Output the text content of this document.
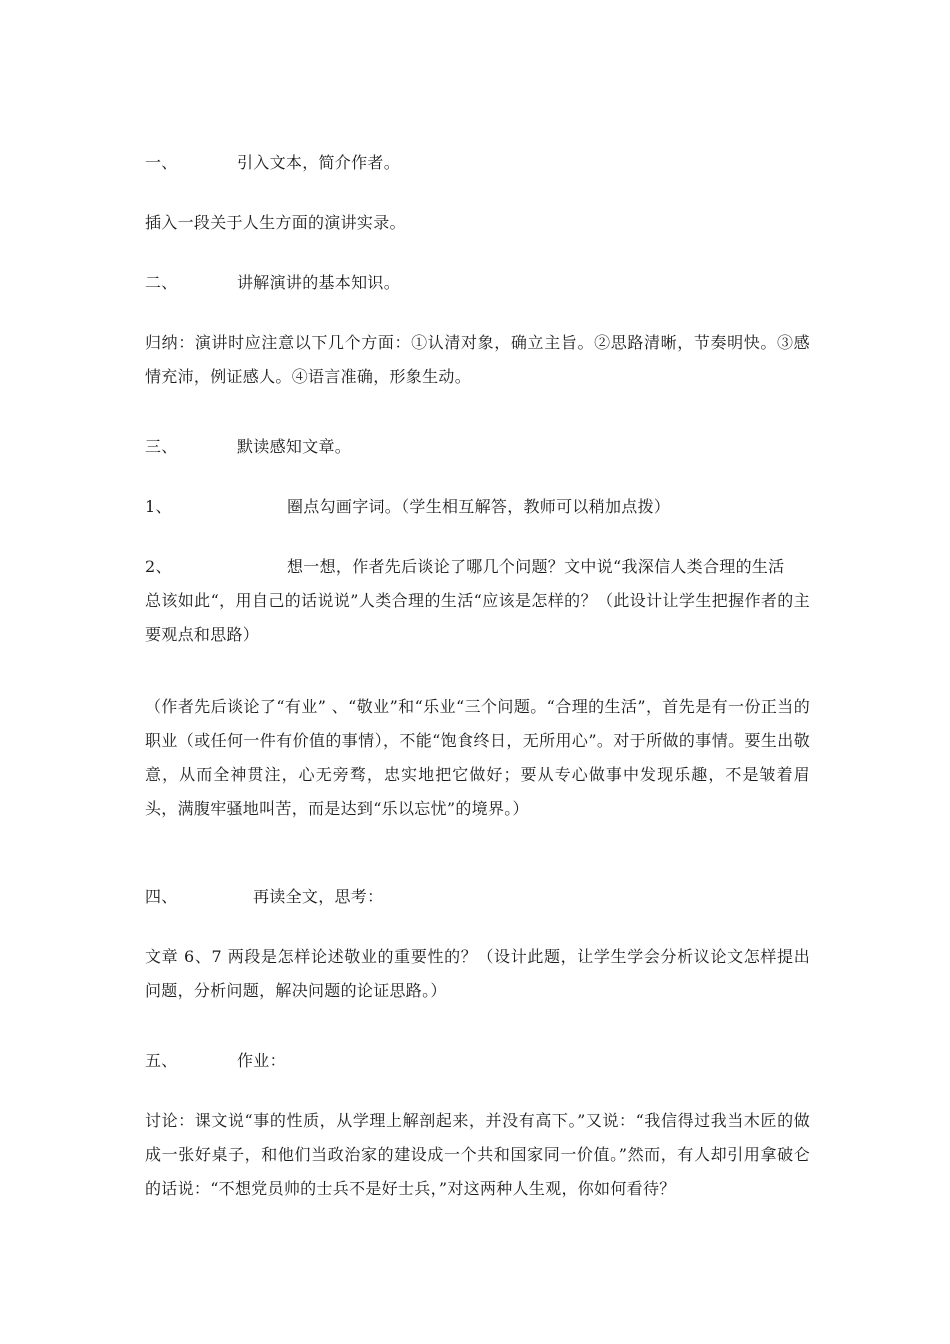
一、	引入文本，简介作者。
插入一段关于人生方面的演讲实录。
二、	讲解演讲的基本知识。
归纳：演讲时应注意以下几个方面：①认清对象，确立主旨。②思路清晰，节奏明快。③感情充沛，例证感人。④语言准确，形象生动。
三、	默读感知文章。
1、	圈点勾画字词。（学生相互解答，教师可以稍加点拨）
2、	想一想，作者先后谈论了哪几个问题？文中说“我深信人类合理的生活
总该如此“，用自己的话说说”人类合理的生活“应该是怎样的？（此设计让学生把握作者的主要观点和思路）
（作者先后谈论了“有业” 、“敬业”和“乐业“三个问题。“合理的生活”，首先是有一份正当的职业（或任何一件有价值的事情），不能“饱食终日，无所用心”。对于所做的事情。要生出敬意，从而全神贯注，心无旁骛，忠实地把它做好；要从专心做事中发现乐趣，不是皱着眉头，满腹牢骚地叫苦，而是达到“乐以忘忧”的境界。）
四、	再读全文，思考：
文章 6、7 两段是怎样论述敬业的重要性的？（设计此题，让学生学会分析议论文怎样提出问题，分析问题，解决问题的论证思路。）
五、	作业：
讨论：课文说“事的性质，从学理上解剖起来，并没有高下。”又说：“我信得过我当木匠的做成一张好桌子，和他们当政治家的建设成一个共和国家同一价值。”然而，有人却引用拿破仑的话说：“不想党员帅的士兵不是好士兵，”对这两种人生观，你如何看待？
